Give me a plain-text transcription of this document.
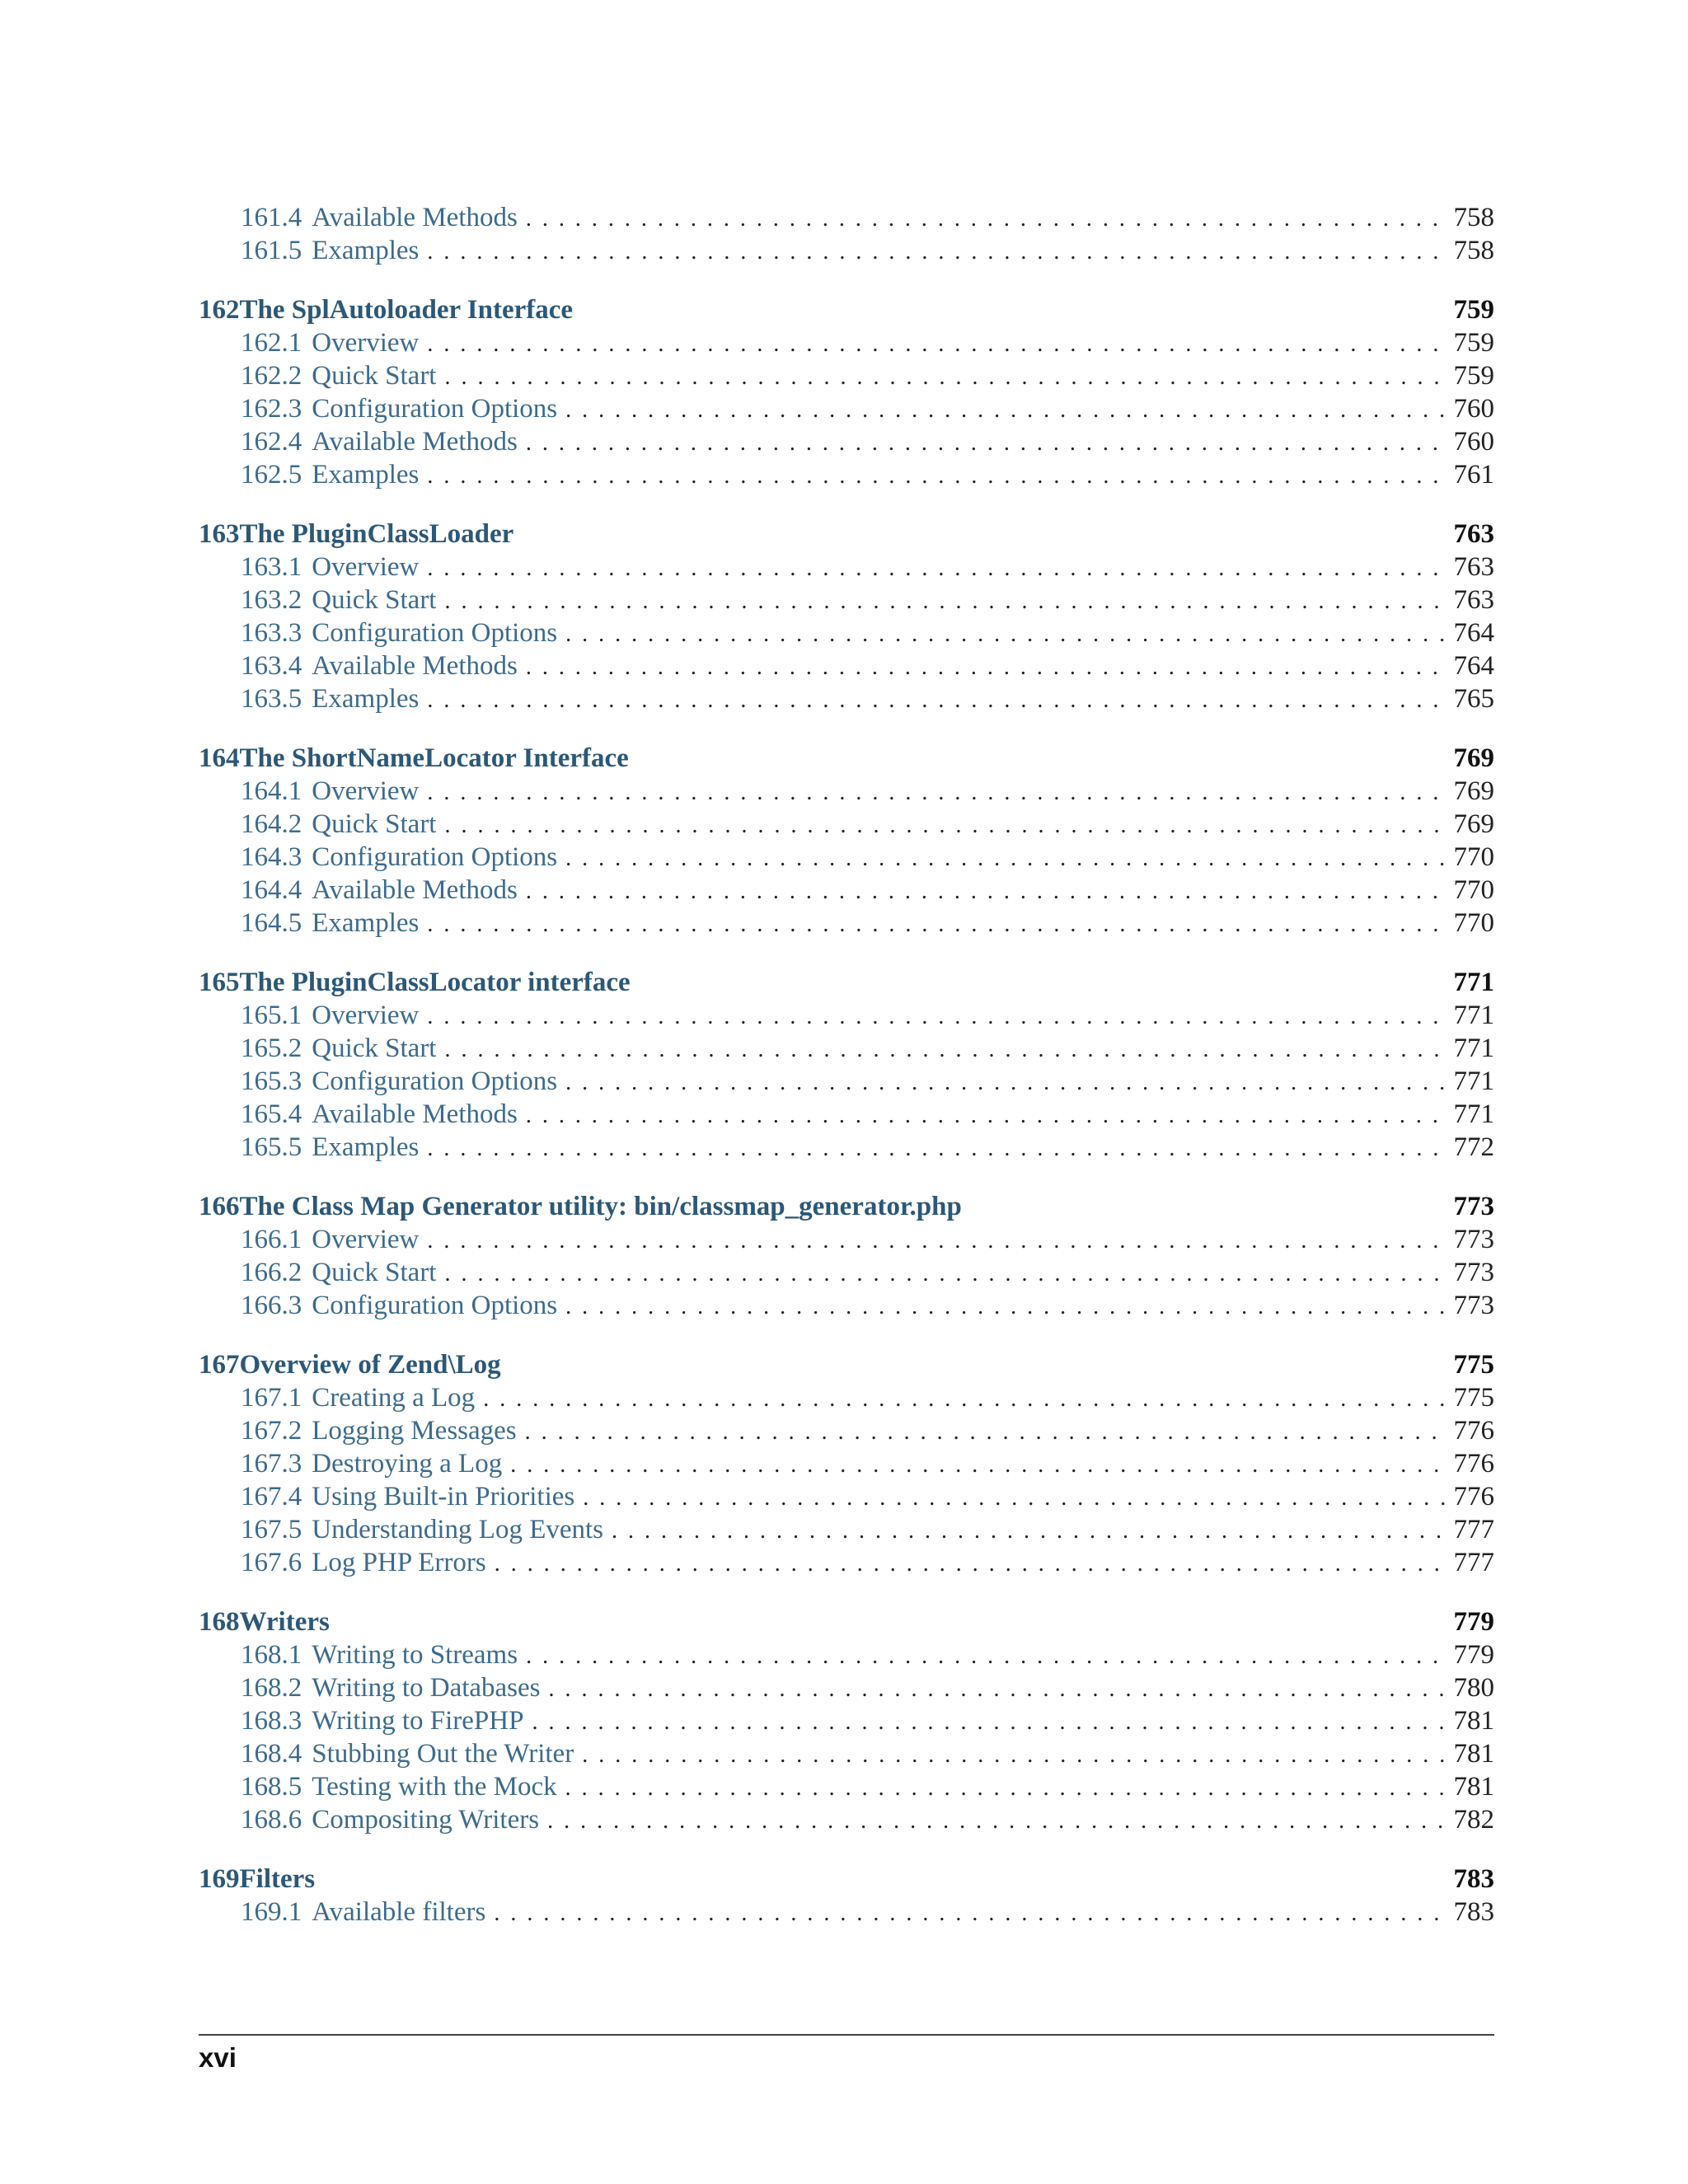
161.4 Available Methods . . .	758
161.5 Examples . . .	758
162The SplAutoloader Interface	759
162.1 Overview . . .	759
162.2 Quick Start . . .	759
162.3 Configuration Options . . .	760
162.4 Available Methods . . .	760
162.5 Examples . . .	761
163The PluginClassLoader	763
163.1 Overview . . .	763
163.2 Quick Start . . .	763
163.3 Configuration Options . . .	764
163.4 Available Methods . . .	764
163.5 Examples . . .	765
164The ShortNameLocator Interface	769
164.1 Overview . . .	769
164.2 Quick Start . . .	769
164.3 Configuration Options . . .	770
164.4 Available Methods . . .	770
164.5 Examples . . .	770
165The PluginClassLocator interface	771
165.1 Overview . . .	771
165.2 Quick Start . . .	771
165.3 Configuration Options . . .	771
165.4 Available Methods . . .	771
165.5 Examples . . .	772
166The Class Map Generator utility: bin/classmap_generator.php	773
166.1 Overview . . .	773
166.2 Quick Start . . .	773
166.3 Configuration Options . . .	773
167Overview of Zend\Log	775
167.1 Creating a Log . . .	775
167.2 Logging Messages . . .	776
167.3 Destroying a Log . . .	776
167.4 Using Built-in Priorities . . .	776
167.5 Understanding Log Events . . .	777
167.6 Log PHP Errors . . .	777
168Writers	779
168.1 Writing to Streams . . .	779
168.2 Writing to Databases . . .	780
168.3 Writing to FirePHP . . .	781
168.4 Stubbing Out the Writer . . .	781
168.5 Testing with the Mock . . .	781
168.6 Compositing Writers . . .	782
169Filters	783
169.1 Available filters . . .	783
xvi
